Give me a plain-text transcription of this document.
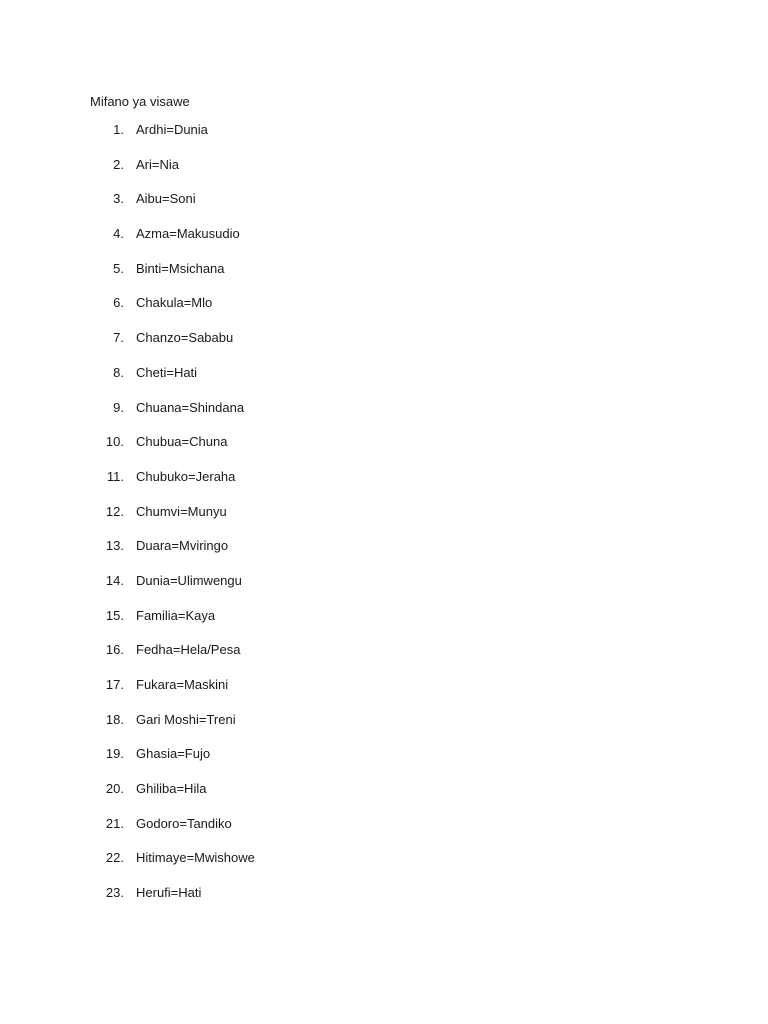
Mifano ya visawe
1. Ardhi=Dunia
2. Ari=Nia
3. Aibu=Soni
4. Azma=Makusudio
5. Binti=Msichana
6. Chakula=Mlo
7. Chanzo=Sababu
8. Cheti=Hati
9. Chuana=Shindana
10. Chubua=Chuna
11. Chubuko=Jeraha
12. Chumvi=Munyu
13. Duara=Mviringo
14. Dunia=Ulimwengu
15. Familia=Kaya
16. Fedha=Hela/Pesa
17. Fukara=Maskini
18. Gari Moshi=Treni
19. Ghasia=Fujo
20. Ghiliba=Hila
21. Godoro=Tandiko
22. Hitimaye=Mwishowe
23. Herufi=Hati
